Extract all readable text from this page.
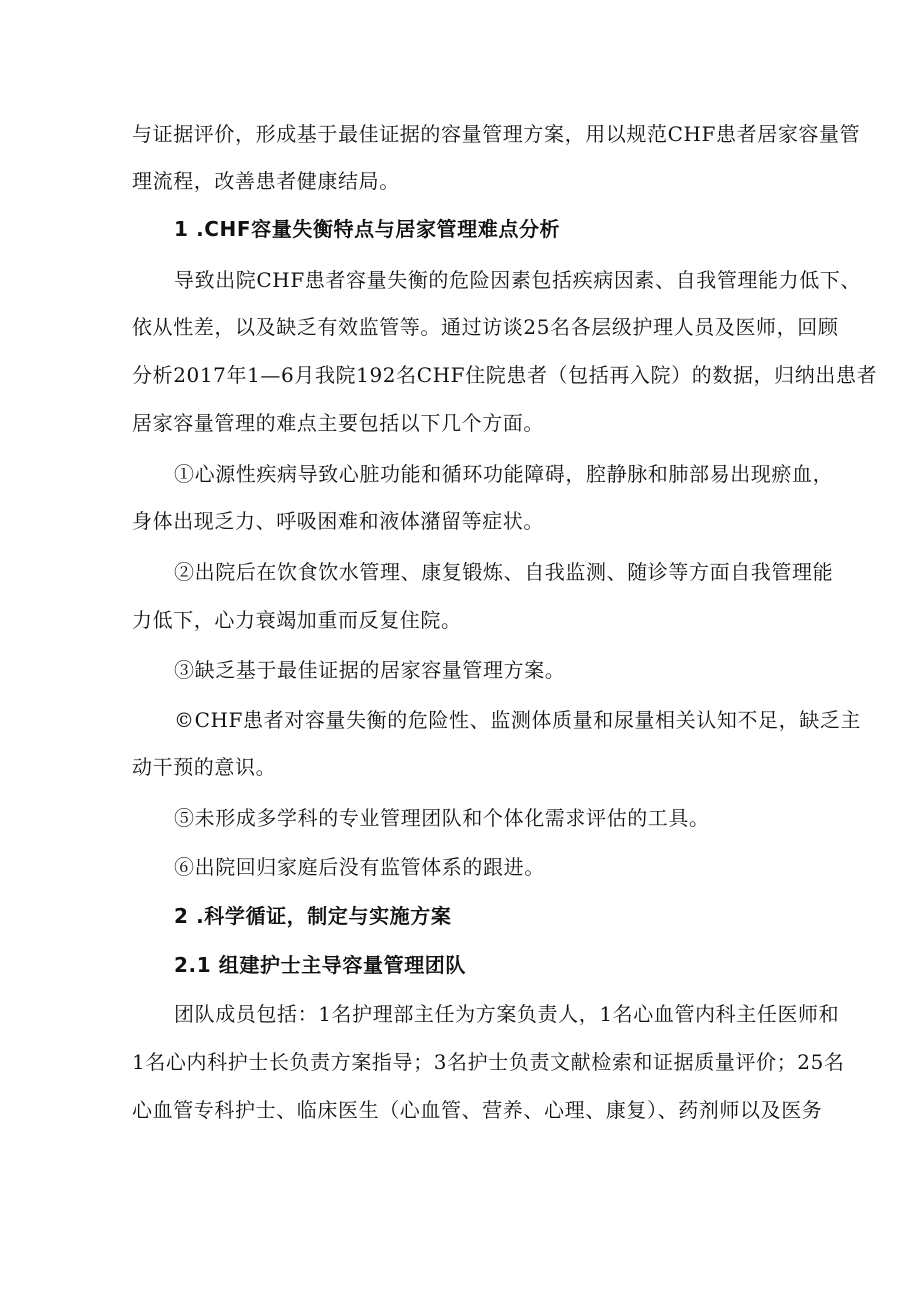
与证据评价，形成基于最佳证据的容量管理方案，用以规范CHF患者居家容量管
理流程，改善患者健康结局。
1 .CHF容量失衡特点与居家管理难点分析
导致出院CHF患者容量失衡的危险因素包括疾病因素、自我管理能力低下、
依从性差，以及缺乏有效监管等。通过访谈25名各层级护理人员及医师，回顾
分析2017年1—6月我院192名CHF住院患者（包括再入院）的数据，归纳出患者
居家容量管理的难点主要包括以下几个方面。
①心源性疾病导致心脏功能和循环功能障碍，腔静脉和肺部易出现瘀血，
身体出现乏力、呼吸困难和液体潴留等症状。
②出院后在饮食饮水管理、康复锻炼、自我监测、随诊等方面自我管理能
力低下，心力衰竭加重而反复住院。
③缺乏基于最佳证据的居家容量管理方案。
©CHF患者对容量失衡的危险性、监测体质量和尿量相关认知不足，缺乏主
动干预的意识。
⑤未形成多学科的专业管理团队和个体化需求评估的工具。
⑥出院回归家庭后没有监管体系的跟进。
2 .科学循证，制定与实施方案
2.1 组建护士主导容量管理团队
团队成员包括：1名护理部主任为方案负责人，1名心血管内科主任医师和
1名心内科护士长负责方案指导；3名护士负责文献检索和证据质量评价；25名
心血管专科护士、临床医生（心血管、营养、心理、康复）、药剂师以及医务
